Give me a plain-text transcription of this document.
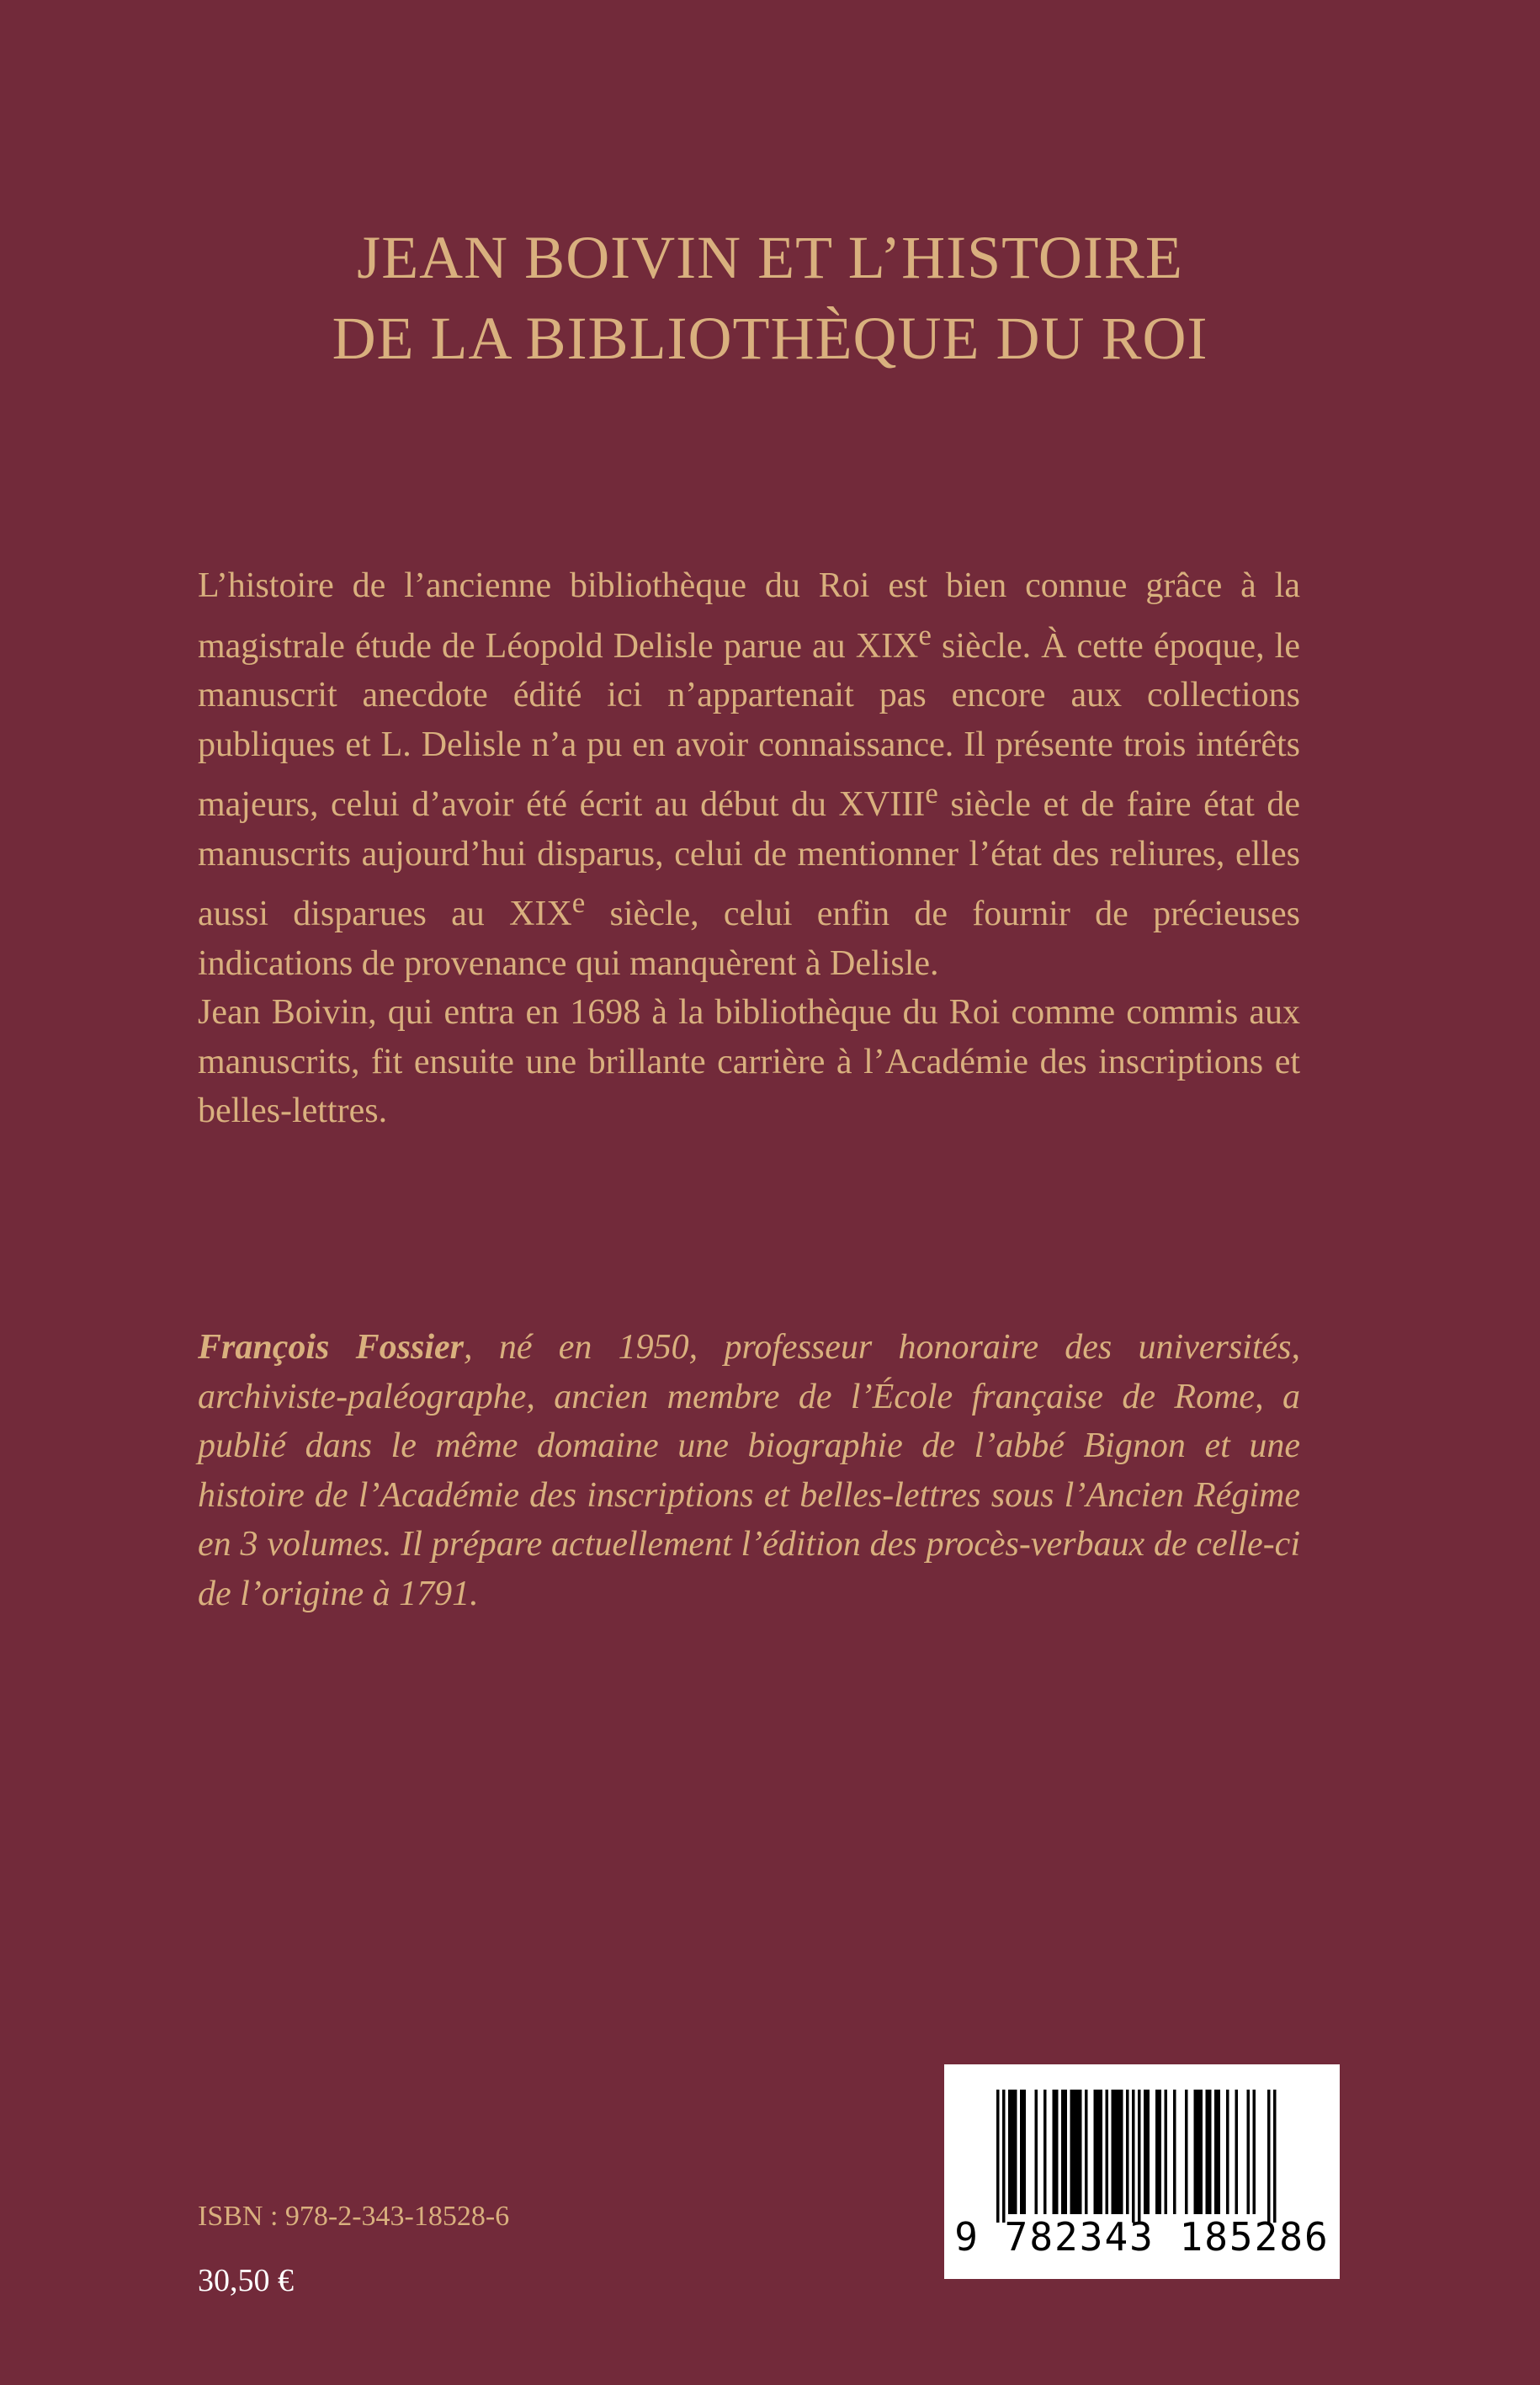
JEAN BOIVIN ET L’HISTOIRE
DE LA BIBLIOTHÈQUE DU ROI

L’histoire de l’ancienne bibliothèque du Roi est bien connue grâce à la magistrale étude de Léopold Delisle parue au XIXe siècle. À cette époque, le manuscrit anecdote édité ici n’appartenait pas encore aux collections publiques et L. Delisle n’a pu en avoir connaissance. Il présente trois intérêts majeurs, celui d’avoir été écrit au début du XVIIIe siècle et de faire état de manuscrits aujourd’hui disparus, celui de mentionner l’état des reliures, elles aussi disparues au XIXe siècle, celui enfin de fournir de précieuses indications de provenance qui manquèrent à Delisle.

Jean Boivin, qui entra en 1698 à la bibliothèque du Roi comme commis aux manuscrits, fit ensuite une brillante carrière à l’Académie des inscriptions et belles-lettres.

François Fossier, né en 1950, professeur honoraire des universités, archiviste-paléographe, ancien membre de l’École française de Rome, a publié dans le même domaine une biographie de l’abbé Bignon et une histoire de l’Académie des inscriptions et belles-lettres sous l’Ancien Régime en 3 volumes. Il prépare actuellement l’édition des procès-verbaux de celle-ci de l’origine à 1791.

ISBN : 978-2-343-18528-6
30,50 €
9 782343 185286
